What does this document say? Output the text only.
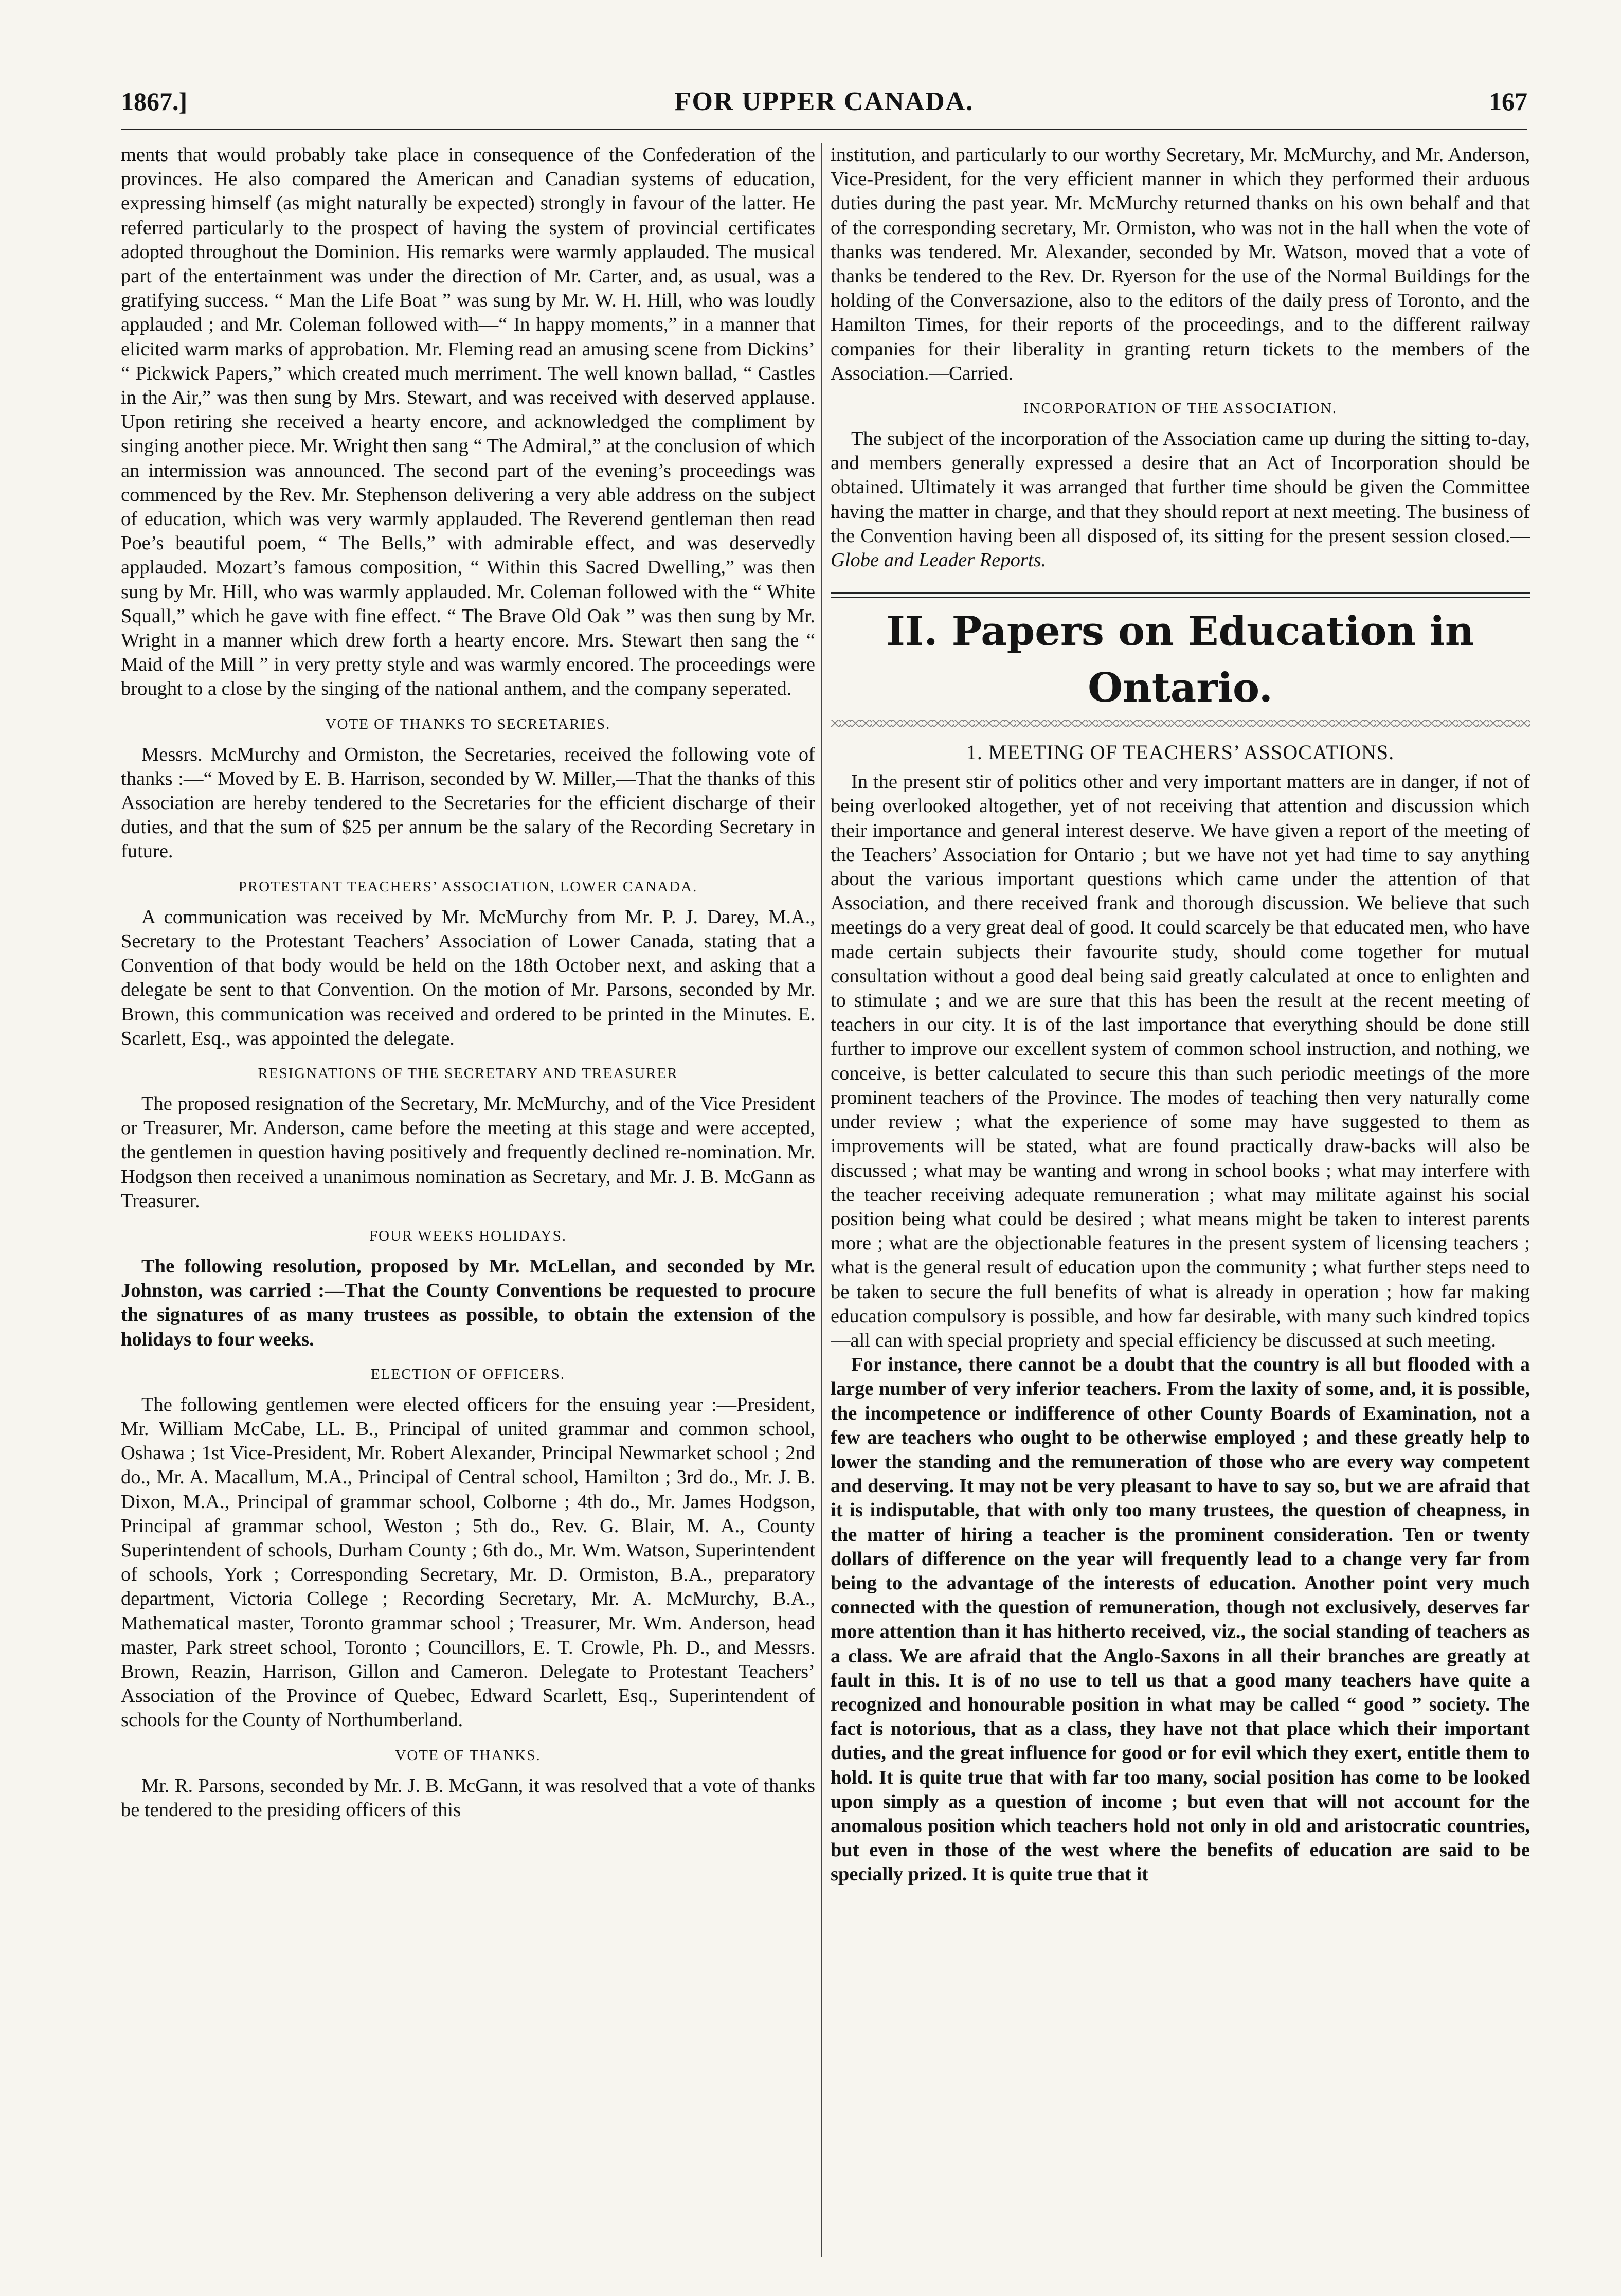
1867.]	FOR UPPER CANADA.	167

ments that would probably take place in consequence of the Confederation of the provinces. He also compared the American and Canadian systems of education, expressing himself (as might naturally be expected) strongly in favour of the latter. He referred particularly to the prospect of having the system of provincial certificates adopted throughout the Dominion. His remarks were warmly applauded. The musical part of the entertainment was under the direction of Mr. Carter, and, as usual, was a gratifying success. “ Man the Life Boat ” was sung by Mr. W. H. Hill, who was loudly applauded ; and Mr. Coleman followed with—“ In happy moments,” in a manner that elicited warm marks of approbation. Mr. Fleming read an amusing scene from Dickins’ “ Pickwick Papers,” which created much merriment. The well known ballad, “ Castles in the Air,” was then sung by Mrs. Stewart, and was received with deserved applause. Upon retiring she received a hearty encore, and acknowledged the compliment by singing another piece. Mr. Wright then sang “ The Admiral,” at the conclusion of which an intermission was announced. The second part of the evening’s proceedings was commenced by the Rev. Mr. Stephenson delivering a very able address on the subject of education, which was very warmly applauded. The Reverend gentleman then read Poe’s beautiful poem, “ The Bells,” with admirable effect, and was deservedly applauded. Mozart’s famous composition, “ Within this Sacred Dwelling,” was then sung by Mr. Hill, who was warmly applauded. Mr. Coleman followed with the “ White Squall,” which he gave with fine effect. “ The Brave Old Oak ” was then sung by Mr. Wright in a manner which drew forth a hearty encore. Mrs. Stewart then sang the “ Maid of the Mill ” in very pretty style and was warmly encored. The proceedings were brought to a close by the singing of the national anthem, and the company seperated.

VOTE OF THANKS TO SECRETARIES.

Messrs. McMurchy and Ormiston, the Secretaries, received the following vote of thanks :—“ Moved by E. B. Harrison, seconded by W. Miller,—That the thanks of this Association are hereby tendered to the Secretaries for the efficient discharge of their duties, and that the sum of $25 per annum be the salary of the Recording Secretary in future.

PROTESTANT TEACHERS’ ASSOCIATION, LOWER CANADA.

A communication was received by Mr. McMurchy from Mr. P. J. Darey, M.A., Secretary to the Protestant Teachers’ Association of Lower Canada, stating that a Convention of that body would be held on the 18th October next, and asking that a delegate be sent to that Convention. On the motion of Mr. Parsons, seconded by Mr. Brown, this communication was received and ordered to be printed in the Minutes. E. Scarlett, Esq., was appointed the delegate.

RESIGNATIONS OF THE SECRETARY AND TREASURER

The proposed resignation of the Secretary, Mr. McMurchy, and of the Vice President or Treasurer, Mr. Anderson, came before the meeting at this stage and were accepted, the gentlemen in question having positively and frequently declined re-nomination. Mr. Hodgson then received a unanimous nomination as Secretary, and Mr. J. B. McGann as Treasurer.

FOUR WEEKS HOLIDAYS.

The following resolution, proposed by Mr. McLellan, and seconded by Mr. Johnston, was carried :—That the County Conventions be requested to procure the signatures of as many trustees as possible, to obtain the extension of the holidays to four weeks.

ELECTION OF OFFICERS.

The following gentlemen were elected officers for the ensuing year :—President, Mr. William McCabe, LL. B., Principal of united grammar and common school, Oshawa ; 1st Vice-President, Mr. Robert Alexander, Principal Newmarket school ; 2nd do., Mr. A. Macallum, M.A., Principal of Central school, Hamilton ; 3rd do., Mr. J. B. Dixon, M.A., Principal of grammar school, Colborne ; 4th do., Mr. James Hodgson, Principal af grammar school, Weston ; 5th do., Rev. G. Blair, M. A., County Superintendent of schools, Durham County ; 6th do., Mr. Wm. Watson, Superintendent of schools, York ; Corresponding Secretary, Mr. D. Ormiston, B.A., preparatory department, Victoria College ; Recording Secretary, Mr. A. McMurchy, B.A., Mathematical master, Toronto grammar school ; Treasurer, Mr. Wm. Anderson, head master, Park street school, Toronto ; Councillors, E. T. Crowle, Ph. D., and Messrs. Brown, Reazin, Harrison, Gillon and Cameron. Delegate to Protestant Teachers’ Association of the Province of Quebec, Edward Scarlett, Esq., Superintendent of schools for the County of Northumberland.

VOTE OF THANKS.

Mr. R. Parsons, seconded by Mr. J. B. McGann, it was resolved that a vote of thanks be tendered to the presiding officers of this

institution, and particularly to our worthy Secretary, Mr. McMurchy, and Mr. Anderson, Vice-President, for the very efficient manner in which they performed their arduous duties during the past year. Mr. McMurchy returned thanks on his own behalf and that of the corresponding secretary, Mr. Ormiston, who was not in the hall when the vote of thanks was tendered. Mr. Alexander, seconded by Mr. Watson, moved that a vote of thanks be tendered to the Rev. Dr. Ryerson for the use of the Normal Buildings for the holding of the Conversazione, also to the editors of the daily press of Toronto, and the Hamilton Times, for their reports of the proceedings, and to the different railway companies for their liberality in granting return tickets to the members of the Association.—Carried.

INCORPORATION OF THE ASSOCIATION.

The subject of the incorporation of the Association came up during the sitting to-day, and members generally expressed a desire that an Act of Incorporation should be obtained. Ultimately it was arranged that further time should be given the Committee having the matter in charge, and that they should report at next meeting. The business of the Convention having been all disposed of, its sitting for the present session closed.—Globe and Leader Reports.

II. Papers on Education in Ontario.
1. MEETING OF TEACHERS’ ASSOCATIONS.

In the present stir of politics other and very important matters are in danger, if not of being overlooked altogether, yet of not receiving that attention and discussion which their importance and general interest deserve. We have given a report of the meeting of the Teachers’ Association for Ontario ; but we have not yet had time to say anything about the various important questions which came under the attention of that Association, and there received frank and thorough discussion. We believe that such meetings do a very great deal of good. It could scarcely be that educated men, who have made certain subjects their favourite study, should come together for mutual consultation without a good deal being said greatly calculated at once to enlighten and to stimulate ; and we are sure that this has been the result at the recent meeting of teachers in our city. It is of the last importance that everything should be done still further to improve our excellent system of common school instruction, and nothing, we conceive, is better calculated to secure this than such periodic meetings of the more prominent teachers of the Province. The modes of teaching then very naturally come under review ; what the experience of some may have suggested to them as improvements will be stated, what are found practically draw-backs will also be discussed ; what may be wanting and wrong in school books ; what may interfere with the teacher receiving adequate remuneration ; what may militate against his social position being what could be desired ; what means might be taken to interest parents more ; what are the objectionable features in the present system of licensing teachers ; what is the general result of education upon the community ; what further steps need to be taken to secure the full benefits of what is already in operation ; how far making education compulsory is possible, and how far desirable, with many such kindred topics—all can with special propriety and special efficiency be discussed at such meeting.

For instance, there cannot be a doubt that the country is all but flooded with a large number of very inferior teachers. From the laxity of some, and, it is possible, the incompetence or indifference of other County Boards of Examination, not a few are teachers who ought to be otherwise employed ; and these greatly help to lower the standing and the remuneration of those who are every way competent and deserving. It may not be very pleasant to have to say so, but we are afraid that it is indisputable, that with only too many trustees, the question of cheapness, in the matter of hiring a teacher is the prominent consideration. Ten or twenty dollars of difference on the year will frequently lead to a change very far from being to the advantage of the interests of education. Another point very much connected with the question of remuneration, though not exclusively, deserves far more attention than it has hitherto received, viz., the social standing of teachers as a class. We are afraid that the Anglo-Saxons in all their branches are greatly at fault in this. It is of no use to tell us that a good many teachers have quite a recognized and honourable position in what may be called “ good ” society. The fact is notorious, that as a class, they have not that place which their important duties, and the great influence for good or for evil which they exert, entitle them to hold. It is quite true that with far too many, social position has come to be looked upon simply as a question of income ; but even that will not account for the anomalous position which teachers hold not only in old and aristocratic countries, but even in those of the west where the benefits of education are said to be specially prized. It is quite true that it
